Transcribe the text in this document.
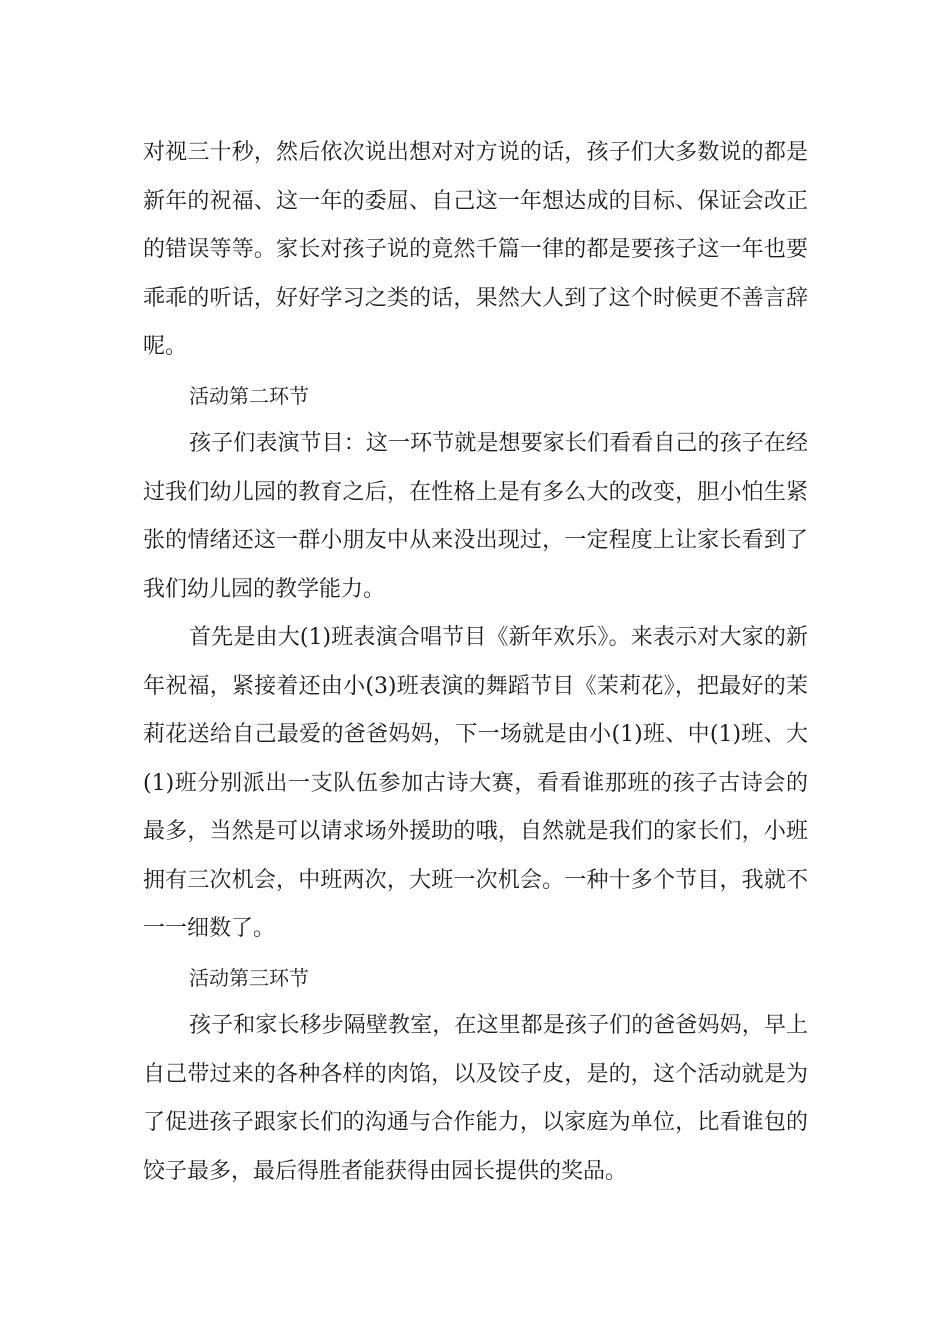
对视三十秒，然后依次说出想对对方说的话，孩子们大多数说的都是新年的祝福、这一年的委屈、自己这一年想达成的目标、保证会改正的错误等等。家长对孩子说的竟然千篇一律的都是要孩子这一年也要乖乖的听话，好好学习之类的话，果然大人到了这个时候更不善言辞呢。

活动第二环节

孩子们表演节目：这一环节就是想要家长们看看自己的孩子在经过我们幼儿园的教育之后，在性格上是有多么大的改变，胆小怕生紧张的情绪还这一群小朋友中从来没出现过，一定程度上让家长看到了我们幼儿园的教学能力。

首先是由大(1)班表演合唱节目《新年欢乐》。来表示对大家的新年祝福，紧接着还由小(3)班表演的舞蹈节目《茉莉花》，把最好的茉莉花送给自己最爱的爸爸妈妈，下一场就是由小(1)班、中(1)班、大(1)班分别派出一支队伍参加古诗大赛，看看谁那班的孩子古诗会的最多，当然是可以请求场外援助的哦，自然就是我们的家长们，小班拥有三次机会，中班两次，大班一次机会。一种十多个节目，我就不一一细数了。

活动第三环节

孩子和家长移步隔壁教室，在这里都是孩子们的爸爸妈妈，早上自己带过来的各种各样的肉馅，以及饺子皮，是的，这个活动就是为了促进孩子跟家长们的沟通与合作能力，以家庭为单位，比看谁包的饺子最多，最后得胜者能获得由园长提供的奖品。
